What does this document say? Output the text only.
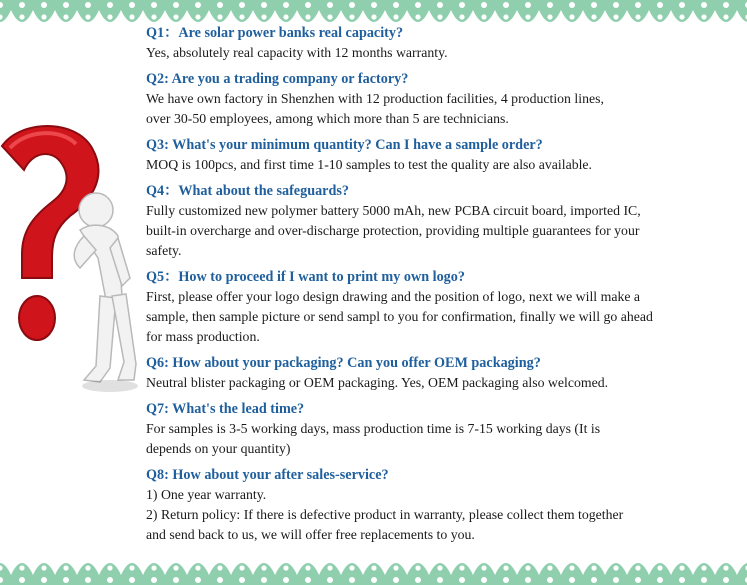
Q1：Are solar power banks real capacity?
Yes, absolutely real capacity with 12 months warranty.
Q2: Are you a trading company or factory?
We have own factory in Shenzhen with 12 production facilities, 4 production lines,
over 30-50 employees, among which more than 5 are technicians.
Q3: What's your minimum quantity? Can I have a sample order?
MOQ is 100pcs, and first time 1-10 samples to test the quality are also available.
Q4：What about the safeguards?
Fully customized new polymer battery 5000 mAh, new PCBA circuit board, imported IC,
built-in overcharge and over-discharge protection, providing multiple guarantees for your
safety.
Q5：How to proceed if I want to print my own logo?
First, please offer your logo design drawing and the position of logo, next we will make a
sample, then sample picture or send sampl to you for confirmation, finally we will go ahead
for mass production.
Q6: How about your packaging? Can you offer OEM packaging?
Neutral blister packaging or OEM packaging. Yes, OEM packaging also welcomed.
Q7: What's the lead time?
For samples is 3-5 working days, mass production time is 7-15 working days (It is
depends on your quantity)
Q8: How about your after sales-service?
1) One year warranty.
2) Return policy: If there is defective product in warranty, please collect them together
and send back to us, we will offer free replacements to you.
